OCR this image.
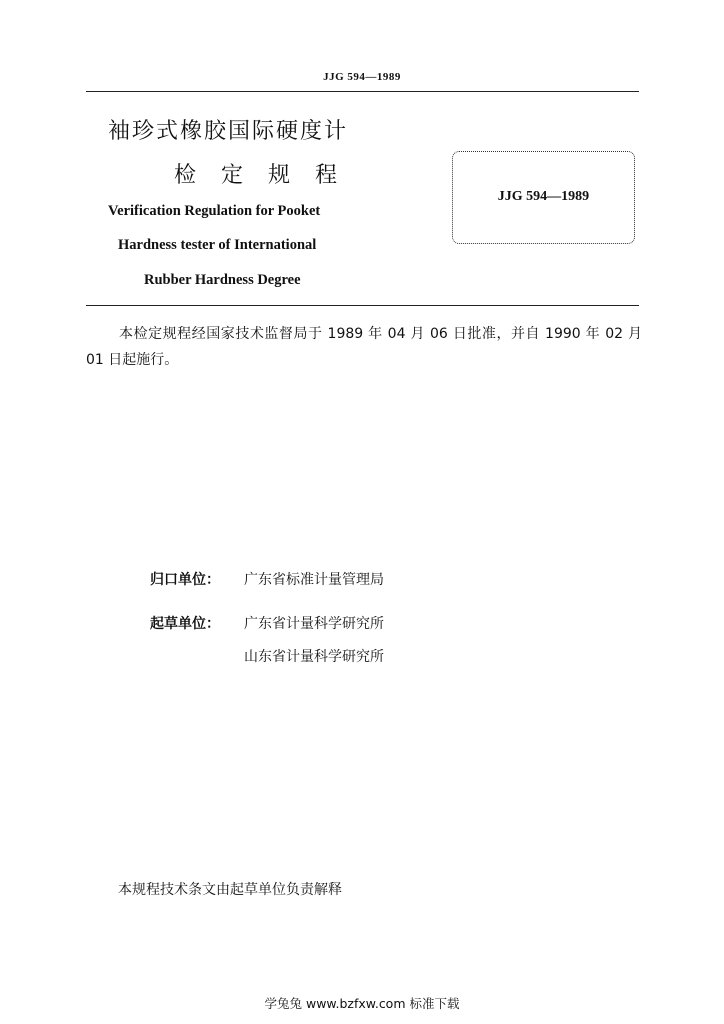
JJG 594—1989
袖珍式橡胶国际硬度计
检 定 规 程
Verification Regulation for Pooket
Hardness tester of International
Rubber Hardness Degree
JJG 594—1989
本检定规程经国家技术监督局于 1989 年 04 月 06 日批准，并自 1990 年 02 月 01 日起施行。
归口单位： 广东省标准计量管理局
起草单位： 广东省计量科学研究所
山东省计量科学研究所
本规程技术条文由起草单位负责解释
学兔兔 www.bzfxw.com 标准下载
